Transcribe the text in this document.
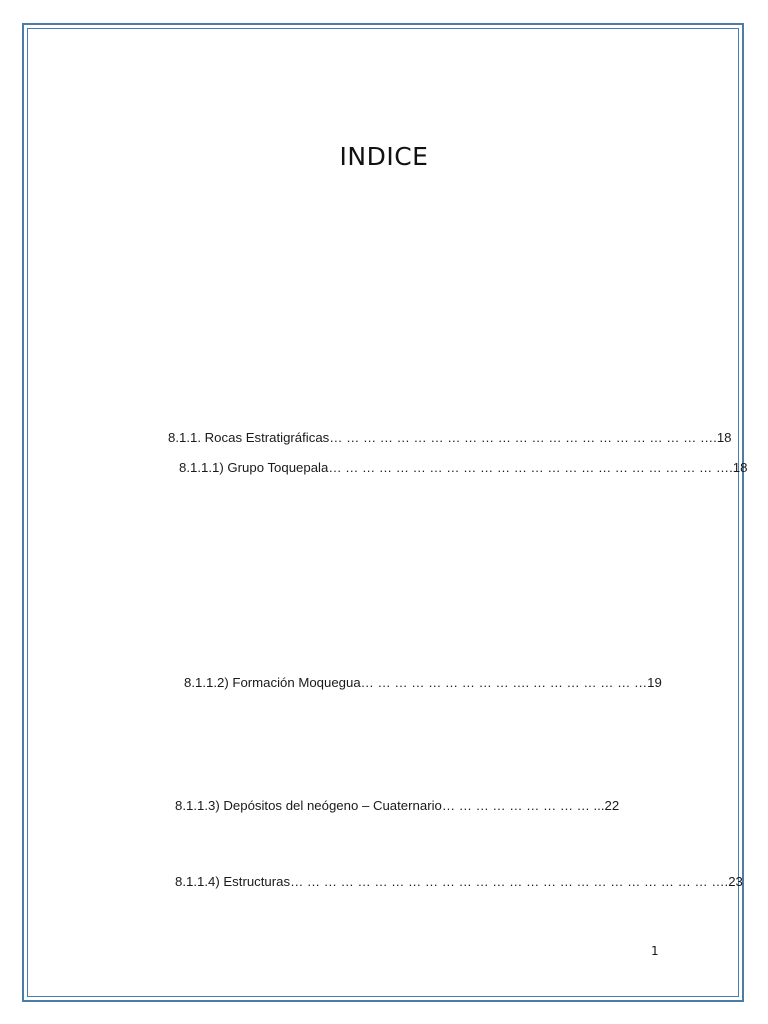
INDICE
8.1.1. Rocas Estratigráficas… … … … … … … … … … … … … … … … … … … … … … ….18
8.1.1.1) Grupo Toquepala… … … … … … … … … … … … … … … … … … … … … … … ….18
8.1.1.2) Formación Moquegua… … … … … … … … … …. … … … … … … …19
8.1.1.3) Depósitos del neógeno – Cuaternario… … … … … … … … … ...22
8.1.1.4) Estructuras… … … … … … … … … … … … … … … … … … … … … … … … … ….23
1
